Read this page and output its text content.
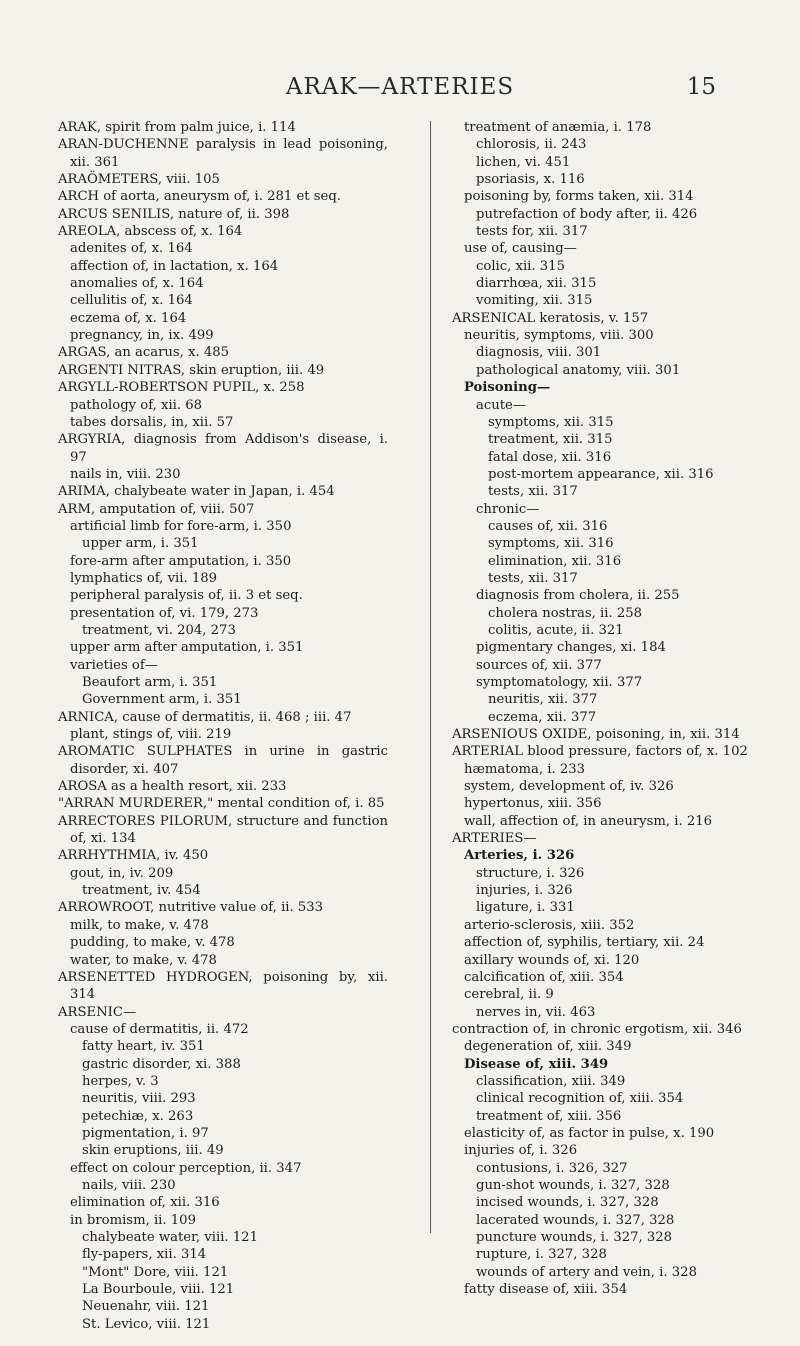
ARAK—ARTERIES	15
ARAK, spirit from palm juice, i. 114
ARAN-DUCHENNE paralysis in lead poisoning, xii. 361
ARAÖMETERS, viii. 105
ARCH of aorta, aneurysm of, i. 281 et seq.
ARCUS SENILIS, nature of, ii. 398
AREOLA, abscess of, x. 164
adenites of, x. 164
affection of, in lactation, x. 164
anomalies of, x. 164
cellulitis of, x. 164
eczema of, x. 164
pregnancy, in, ix. 499
ARGAS, an acarus, x. 485
ARGENTI NITRAS, skin eruption, iii. 49
ARGYLL-ROBERTSON PUPIL, x. 258
pathology of, xii. 68
tabes dorsalis, in, xii. 57
ARGYRIA, diagnosis from Addison's disease, i. 97
nails in, viii. 230
ARIMA, chalybeate water in Japan, i. 454
ARM, amputation of, viii. 507
artificial limb for fore-arm, i. 350
upper arm, i. 351
fore-arm after amputation, i. 350
lymphatics of, vii. 189
peripheral paralysis of, ii. 3 et seq.
presentation of, vi. 179, 273
treatment, vi. 204, 273
upper arm after amputation, i. 351
varieties of—
Beaufort arm, i. 351
Government arm, i. 351
ARNICA, cause of dermatitis, ii. 468 ; iii. 47
plant, stings of, viii. 219
AROMATIC SULPHATES in urine in gastric disorder, xi. 407
AROSA as a health resort, xii. 233
"ARRAN MURDERER," mental condition of, i. 85
ARRECTORES PILORUM, structure and function of, xi. 134
ARRHYTHMIA, iv. 450
gout, in, iv. 209
treatment, iv. 454
ARROWROOT, nutritive value of, ii. 533
milk, to make, v. 478
pudding, to make, v. 478
water, to make, v. 478
ARSENETTED HYDROGEN, poisoning by, xii. 314
ARSENIC—
cause of dermatitis, ii. 472
fatty heart, iv. 351
gastric disorder, xi. 388
herpes, v. 3
neuritis, viii. 293
petechiæ, x. 263
pigmentation, i. 97
skin eruptions, iii. 49
effect on colour perception, ii. 347
nails, viii. 230
elimination of, xii. 316
in bromism, ii. 109
chalybeate water, viii. 121
fly-papers, xii. 314
"Mont" Dore, viii. 121
La Bourboule, viii. 121
Neuenahr, viii. 121
St. Levico, viii. 121
treatment of anæmia, i. 178
chlorosis, ii. 243
lichen, vi. 451
psoriasis, x. 116
poisoning by, forms taken, xii. 314
putrefaction of body after, ii. 426
tests for, xii. 317
use of, causing—
colic, xii. 315
diarrhœa, xii. 315
vomiting, xii. 315
ARSENICAL keratosis, v. 157
neuritis, symptoms, viii. 300
diagnosis, viii. 301
pathological anatomy, viii. 301
Poisoning—
acute—
symptoms, xii. 315
treatment, xii. 315
fatal dose, xii. 316
post-mortem appearance, xii. 316
tests, xii. 317
chronic—
causes of, xii. 316
symptoms, xii. 316
elimination, xii. 316
tests, xii. 317
diagnosis from cholera, ii. 255
cholera nostras, ii. 258
colitis, acute, ii. 321
pigmentary changes, xi. 184
sources of, xii. 377
symptomatology, xii. 377
neuritis, xii. 377
eczema, xii. 377
ARSENIOUS OXIDE, poisoning, in, xii. 314
ARTERIAL blood pressure, factors of, x. 102
hæmatoma, i. 233
system, development of, iv. 326
hypertonus, xiii. 356
wall, affection of, in aneurysm, i. 216
ARTERIES—
Arteries, i. 326
structure, i. 326
injuries, i. 326
ligature, i. 331
arterio-sclerosis, xiii. 352
affection of, syphilis, tertiary, xii. 24
axillary wounds of, xi. 120
calcification of, xiii. 354
cerebral, ii. 9
nerves in, vii. 463
contraction of, in chronic ergotism, xii. 346
degeneration of, xiii. 349
Disease of, xiii. 349
classification, xiii. 349
clinical recognition of, xiii. 354
treatment of, xiii. 356
elasticity of, as factor in pulse, x. 190
injuries of, i. 326
contusions, i. 326, 327
gun-shot wounds, i. 327, 328
incised wounds, i. 327, 328
lacerated wounds, i. 327, 328
puncture wounds, i. 327, 328
rupture, i. 327, 328
wounds of artery and vein, i. 328
fatty disease of, xiii. 354
